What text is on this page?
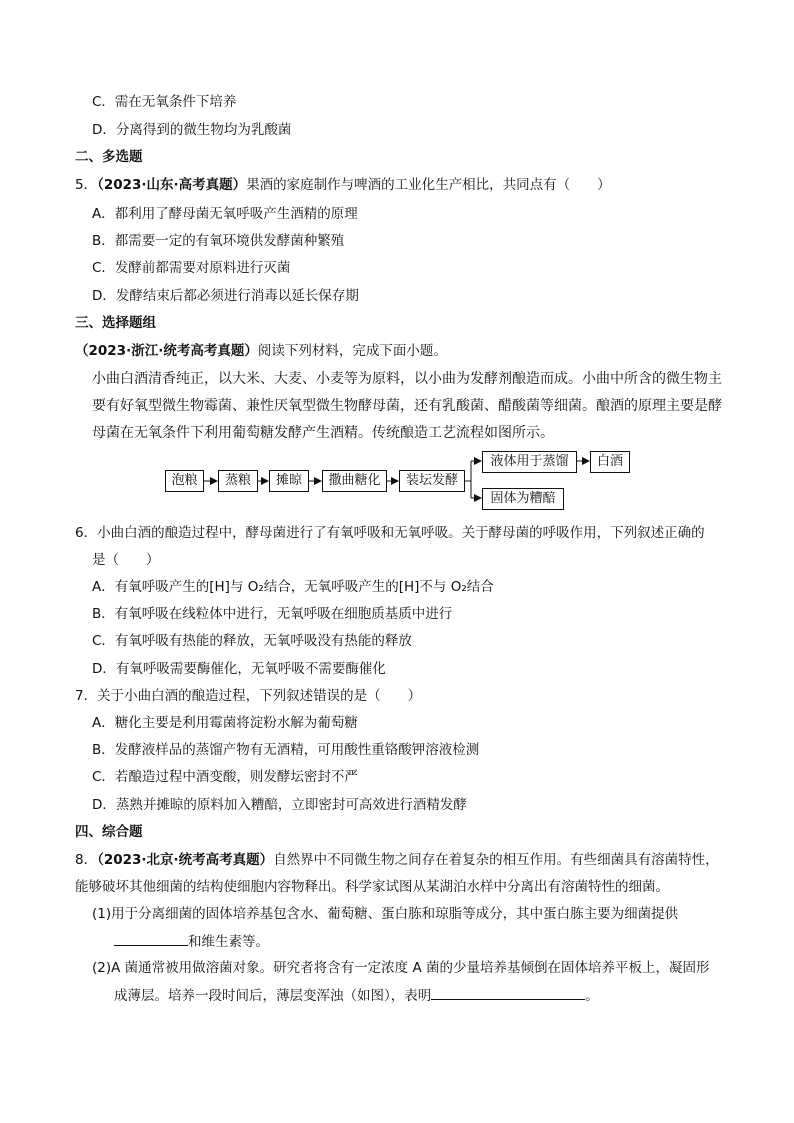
C．需在无氧条件下培养
D．分离得到的微生物均为乳酸菌
二、多选题
5．（2023·山东·高考真题）果酒的家庭制作与啤酒的工业化生产相比，共同点有（　　）
A．都利用了酵母菌无氧呼吸产生酒精的原理
B．都需要一定的有氧环境供发酵菌种繁殖
C．发酵前都需要对原料进行灭菌
D．发酵结束后都必须进行消毒以延长保存期
三、选择题组
（2023·浙江·统考高考真题）阅读下列材料，完成下面小题。
小曲白酒清香纯正，以大米、大麦、小麦等为原料，以小曲为发酵剂酿造而成。小曲中所含的微生物主
要有好氧型微生物霉菌、兼性厌氧型微生物酵母菌，还有乳酸菌、醋酸菌等细菌。酿酒的原理主要是酵
母菌在无氧条件下利用葡萄糖发酵产生酒精。传统酿造工艺流程如图所示。
泡粮	蒸粮	摊晾	撒曲糖化	装坛发酵
液体用于蒸馏
固体为糟醅
白酒
6．小曲白酒的酿造过程中，酵母菌进行了有氧呼吸和无氧呼吸。关于酵母菌的呼吸作用，下列叙述正确的
是（　　）
A．有氧呼吸产生的[H]与 O₂结合，无氧呼吸产生的[H]不与 O₂结合
B．有氧呼吸在线粒体中进行，无氧呼吸在细胞质基质中进行
C．有氧呼吸有热能的释放，无氧呼吸没有热能的释放
D．有氧呼吸需要酶催化，无氧呼吸不需要酶催化
7．关于小曲白酒的酿造过程，下列叙述错误的是（　　）
A．糖化主要是利用霉菌将淀粉水解为葡萄糖
B．发酵液样品的蒸馏产物有无酒精，可用酸性重铬酸钾溶液检测
C．若酿造过程中酒变酸，则发酵坛密封不严
D．蒸熟并摊晾的原料加入糟醅，立即密封可高效进行酒精发酵
四、综合题
8．（2023·北京·统考高考真题）自然界中不同微生物之间存在着复杂的相互作用。有些细菌具有溶菌特性，
能够破坏其他细菌的结构使细胞内容物释出。科学家试图从某湖泊水样中分离出有溶菌特性的细菌。
(1)用于分离细菌的固体培养基包含水、葡萄糖、蛋白胨和琼脂等成分，其中蛋白胨主要为细菌提供
和维生素等。
(2)A 菌通常被用做溶菌对象。研究者将含有一定浓度 A 菌的少量培养基倾倒在固体培养平板上，凝固形
成薄层。培养一段时间后，薄层变浑浊（如图），表明	。
